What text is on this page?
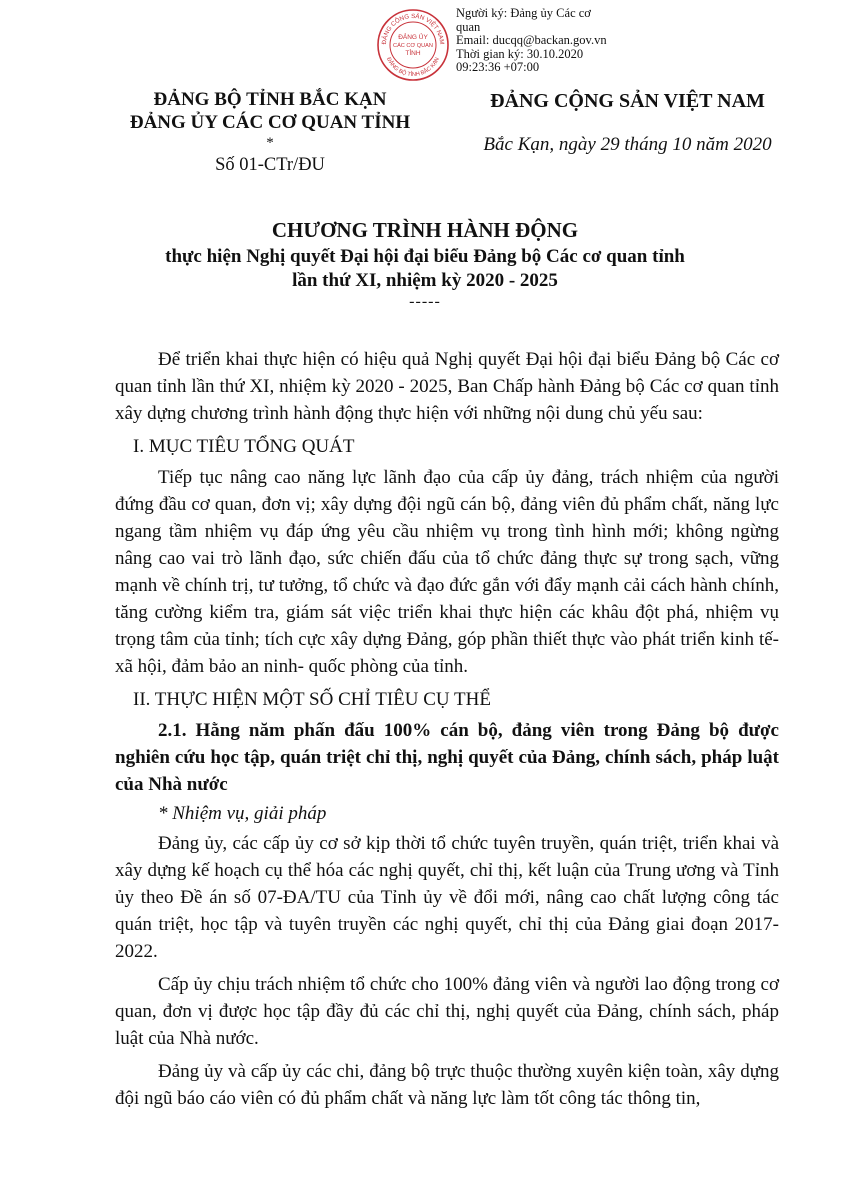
ĐẢNG CỘNG SẢN VIỆT NAM
ĐẢNG BỘ TỈNH BẮC KẠN
ĐẢNG ỦY
CÁC CƠ QUAN
TỈNH
Người ký: Đảng ủy Các cơ
quan
Email: ducqq@backan.gov.vn
Thời gian ký: 30.10.2020
09:23:36 +07:00
ĐẢNG BỘ TỈNH BẮC KẠN
ĐẢNG ỦY CÁC CƠ QUAN TỈNH
*
Số 01-CTr/ĐU
ĐẢNG CỘNG SẢN VIỆT NAM
Bắc Kạn, ngày 29 tháng 10 năm 2020
CHƯƠNG TRÌNH HÀNH ĐỘNG
thực hiện Nghị quyết Đại hội đại biểu Đảng bộ Các cơ quan tỉnh
lần thứ XI, nhiệm kỳ 2020 - 2025
-----

Để triển khai thực hiện có hiệu quả Nghị quyết Đại hội đại biểu Đảng bộ Các cơ quan tỉnh lần thứ XI, nhiệm kỳ 2020 - 2025, Ban Chấp hành Đảng bộ Các cơ quan tỉnh xây dựng chương trình hành động thực hiện với những nội dung chủ yếu sau:

I. MỤC TIÊU TỔNG QUÁT

Tiếp tục nâng cao năng lực lãnh đạo của cấp ủy đảng, trách nhiệm của người đứng đầu cơ quan, đơn vị; xây dựng đội ngũ cán bộ, đảng viên đủ phẩm chất, năng lực ngang tầm nhiệm vụ đáp ứng yêu cầu nhiệm vụ trong tình hình mới; không ngừng nâng cao vai trò lãnh đạo, sức chiến đấu của tổ chức đảng thực sự trong sạch, vững mạnh về chính trị, tư tưởng, tổ chức và đạo đức gắn với đẩy mạnh cải cách hành chính, tăng cường kiểm tra, giám sát việc triển khai thực hiện các khâu đột phá, nhiệm vụ trọng tâm của tỉnh; tích cực xây dựng Đảng, góp phần thiết thực vào phát triển kinh tế- xã hội, đảm bảo an ninh- quốc phòng của tỉnh.

II. THỰC HIỆN MỘT SỐ CHỈ TIÊU CỤ THỂ

2.1. Hằng năm phấn đấu 100% cán bộ, đảng viên trong Đảng bộ được nghiên cứu học tập, quán triệt chỉ thị, nghị quyết của Đảng, chính sách, pháp luật của Nhà nước

* Nhiệm vụ, giải pháp

Đảng ủy, các cấp ủy cơ sở kịp thời tổ chức tuyên truyền, quán triệt, triển khai và xây dựng kế hoạch cụ thể hóa các nghị quyết, chỉ thị, kết luận của Trung ương và Tỉnh ủy theo Đề án số 07-ĐA/TU của Tỉnh ủy về đổi mới, nâng cao chất lượng công tác quán triệt, học tập và tuyên truyền các nghị quyết, chỉ thị của Đảng giai đoạn 2017- 2022.

Cấp ủy chịu trách nhiệm tổ chức cho 100% đảng viên và người lao động trong cơ quan, đơn vị được học tập đầy đủ các chỉ thị, nghị quyết của Đảng, chính sách, pháp luật của Nhà nước.

Đảng ủy và cấp ủy các chi, đảng bộ trực thuộc thường xuyên kiện toàn, xây dựng đội ngũ báo cáo viên có đủ phẩm chất và năng lực làm tốt công tác thông tin,
